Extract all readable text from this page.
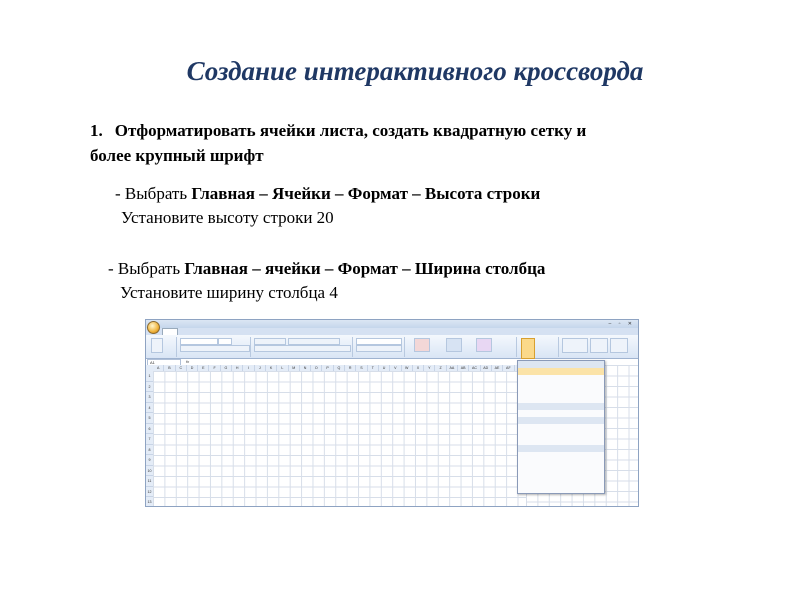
Создание интерактивного кроссворда
1. Отформатировать ячейки листа, создать квадратную сетку и
более крупный шрифт
- Выбрать Главная – Ячейки – Формат – Высота строки
Установите высоту строки 20
- Выбрать Главная – ячейки – Формат – Ширина столбца
Установите ширину столбца 4
– ▫ ✕

A1	fx
A	B	C	D	E	F	G	H	I	J	K	L	M	N	O	P	Q	R	S	T	U	V	W	X	Y	Z	AA	AB	AC	AD	AE	AF
1
2
3
4
5
6
7
8
9
10
11
12
13
